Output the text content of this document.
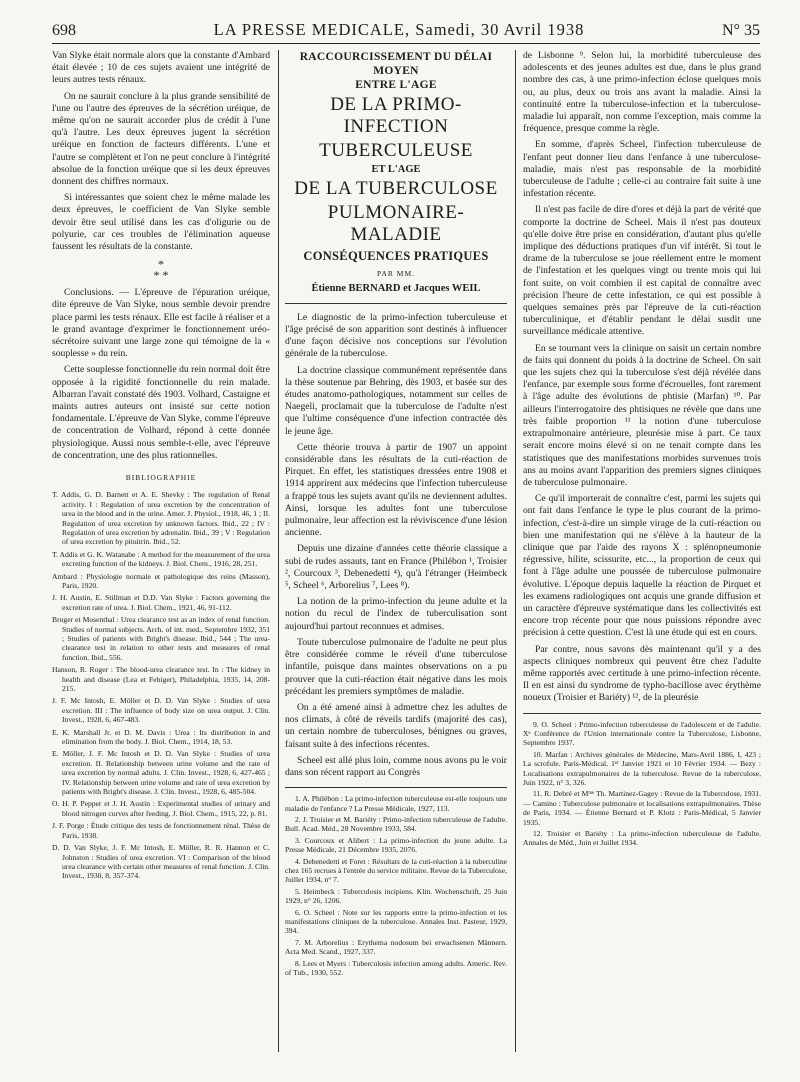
698	LA PRESSE MEDICALE, Samedi, 30 Avril 1938	N° 35

Van Slyke était normale alors que la constante d'Ambard était élevée ; 10 de ces sujets avaient une intégrité de leurs autres tests rénaux.

On ne saurait conclure à la plus grande sensibilité de l'une ou l'autre des épreuves de la sécrétion uréique, de même qu'on ne saurait accorder plus de crédit à l'une qu'à l'autre. Les deux épreuves jugent la sécrétion uréique en fonction de facteurs différents. L'une et l'autre se complètent et l'on ne peut conclure à l'intégrité absolue de la fonction uréique que si les deux épreuves donnent des chiffres normaux.

Si intéressantes que soient chez le même malade les deux épreuves, le coefficient de Van Slyke semble devoir être seul utilisé dans les cas d'oligurie ou de polyurie, car ces troubles de l'élimination aqueuse faussent les résultats de la constante.

*
* *

Conclusions. — L'épreuve de l'épuration uréique, dite épreuve de Van Slyke, nous semble devoir prendre place parmi les tests rénaux. Elle est facile à réaliser et a le grand avantage d'exprimer le fonctionnement uréo-sécrétoire suivant une large zone qui témoigne de la « souplesse » du rein.

Cette souplesse fonctionnelle du rein normal doit être opposée à la rigidité fonctionnelle du rein malade. Albarran l'avait constaté dès 1903. Volhard, Castaigne et maints autres auteurs ont insisté sur cette notion fondamentale. L'épreuve de Van Slyke, comme l'épreuve de concentration de Volhard, répond à cette donnée physiologique. Aussi nous semble-t-elle, avec l'épreuve de concentration, une des plus rationnelles.

BIBLIOGRAPHIE
T. Addis, G. D. Barnett et A. E. Shevky : The regulation of Renal activity. I : Regulation of urea excretion by the concentration of urea in the blood and in the urine. Amer. J. Physiol., 1918, 46, 1 ; II. Regulation of urea excretion by unknown factors. Ibid., 22 ; IV : Regulation of urea excretion by adrenalin. Ibid., 39 ; V : Regulation of urea excretion by pituitrin. Ibid., 52.
T. Addis et G. K. Watanabe : A method for the measurement of the urea excreting function of the kidneys. J. Biol. Chem., 1916, 28, 251.
Ambard : Physiologie normale et pathologique des reins (Masson), Paris, 1920.
J. H. Austin, E. Stillman et D.D. Van Slyke : Factors governing the excretion rate of urea. J. Biol. Chem., 1921, 46, 91-112.
Bruger et Mosenthal : Urea clearance test as an index of renal function. Studies of normal subjects. Arch. of int. med., Septembre 1932, 351 ; Studies of patients with Bright's disease. Ibid., 544 ; The urea-clearance test in relation to other tests and measures of renal function. Ibid., 556.
Hanson, R. Roger : The blood-urea clearance test. In : The kidney in health and disease (Lea et Febiger), Philadelphia, 1935, 14, 208-215.
J. F. Mc Intosh, E. Möller et D. D. Van Slyke : Studies of urea excretion. III : The influence of body size on urea output. J. Clin. Invest., 1928, 6, 467-483.
E. K. Marshall Jr. et D. M. Davis : Urea : Its distribution in and elimination from the body. J. Biol. Chem., 1914, 18, 53.
E. Möller, J. F. Mc Intosh et D. D. Van Slyke : Studies of urea excretion. II. Relationship between urine volume and the rate of urea excretion by normal adults. J. Clin. Invest., 1928, 6, 427-465 ; IV. Relationship between urine volume and rate of urea excretion by patients with Bright's disease. J. Clin. Invest., 1928, 6, 485-504.
O. H. P. Pepper et J. H. Austin : Experimental studies of urinary and blood nitrogen curves after feeding. J. Biol. Chem., 1915, 22, p. 81.
J. F. Porge : Étude critique des tests de fonctionnement rénal. Thèse de Paris, 1938.
D. D. Van Slyke, J. F. Mc Intosh, E. Möller, R. R. Hannon et C. Johnston : Studies of urea excretion. VI : Comparison of the blood urea clearance with certain other measures of renal function. J. Clin. Invest., 1930, 8, 357-374.
RACCOURCISSEMENT DU DÉLAI MOYEN
ENTRE L'AGE
DE LA PRIMO-INFECTION
TUBERCULEUSE
ET L'AGE
DE LA TUBERCULOSE
PULMONAIRE-MALADIE
CONSÉQUENCES PRATIQUES
PAR MM.
Étienne BERNARD et Jacques WEIL

Le diagnostic de la primo-infection tuberculeuse et l'âge précisé de son apparition sont destinés à influencer d'une façon décisive nos conceptions sur l'évolution générale de la tuberculose.

La doctrine classique communément représentée dans la thèse soutenue par Behring, dès 1903, et basée sur des études anatomo-pathologiques, notamment sur celles de Naegeli, proclamait que la tuberculose de l'adulte n'est que l'ultime conséquence d'une infection contractée dès le jeune âge.

Cette théorie trouva à partir de 1907 un appoint considérable dans les résultats de la cuti-réaction de Pirquet. En effet, les statistiques dressées entre 1908 et 1914 apprirent aux médecins que l'infection tuberculeuse a frappé tous les sujets avant qu'ils ne deviennent adultes. Ainsi, lorsque les adultes font une tuberculose pulmonaire, leur affection est la réviviscence d'une lésion ancienne.

Depuis une dizaine d'années cette théorie classique a subi de rudes assauts, tant en France (Philébon ¹, Troisier ², Courcoux ³, Debenedetti ⁴), qu'à l'étranger (Heimbeck ⁵, Scheel ⁶, Arborelius ⁷, Lees ⁸).

La notion de la primo-infection du jeune adulte et la notion du recul de l'index de tuberculisation sont aujourd'hui partout reconnues et admises.

Toute tuberculose pulmonaire de l'adulte ne peut plus être considérée comme le réveil d'une tuberculose infantile, puisque dans maintes observations on a pu prouver que la cuti-réaction était négative dans les mois précédant les premiers symptômes de maladie.

On a été amené ainsi à admettre chez les adultes de nos climats, à côté de réveils tardifs (majorité des cas), un certain nombre de tuberculoses, bénignes ou graves, faisant suite à des infections récentes.

Scheel est allé plus loin, comme nous avons pu le voir dans son récent rapport au Congrès

1. A. Philébon : La primo-infection tuberculeuse est-elle toujours une maladie de l'enfance ? La Presse Médicale, 1927, 113.
2. J. Troisier et M. Bariéty : Primo-infection tuberculeuse de l'adulte. Bull. Acad. Méd., 28 Novembre 1933, 584.
3. Courcoux et Alibert : La primo-infection du jeune adulte. La Presse Médicale, 21 Décembre 1935, 2076.
4. Debenedetti et Foret : Résultats de la cuti-réaction à la tuberculine chez 165 recrues à l'entrée du service militaire. Revue de la Tuberculose, Juillet 1934, n° 7.
5. Heimbeck : Tuberculosis incipiens. Klin. Wochenschrift, 25 Juin 1929, n° 26, 1206.
6. O. Scheel : Note sur les rapports entre la primo-infection et les manifestations cliniques de la tuberculose. Annales Inst. Pasteur, 1929, 394.
7. M. Arborelius : Erythema nodosum bei erwachsenen Männern. Acta Med. Scand., 1927, 337.
8. Lees et Myers : Tuberculosis infection among adults. Americ. Rev. of Tub., 1930, 552.

de Lisbonne ⁹. Selon lui, la morbidité tuberculeuse des adolescents et des jeunes adultes est due, dans le plus grand nombre des cas, à une primo-infection éclose quelques mois ou, au plus, deux ou trois ans avant la maladie. Ainsi la continuité entre la tuberculose-infection et la tuberculose-maladie lui apparaît, non comme l'exception, mais comme la fréquence, presque comme la règle.

En somme, d'après Scheel, l'infection tuberculeuse de l'enfant peut donner lieu dans l'enfance à une tuberculose-maladie, mais n'est pas responsable de la morbidité tuberculeuse de l'adulte ; celle-ci au contraire fait suite à une infestation récente.

Il n'est pas facile de dire d'ores et déjà la part de vérité que comporte la doctrine de Scheel. Mais il n'est pas douteux qu'elle doive être prise en considération, d'autant plus qu'elle implique des déductions pratiques d'un vif intérêt. Si tout le drame de la tuberculose se joue réellement entre le moment de l'infestation et les quelques vingt ou trente mois qui lui font suite, on voit combien il est capital de connaître avec précision l'heure de cette infestation, ce qui est possible à quelques semaines près par l'épreuve de la cuti-réaction tuberculinique, et d'établir pendant le délai susdit une surveillance médicale attentive.

En se tournant vers la clinique on saisit un certain nombre de faits qui donnent du poids à la doctrine de Scheel. On sait que les sujets chez qui la tuberculose s'est déjà révélée dans l'enfance, par exemple sous forme d'écrouelles, font rarement à l'âge adulte des évolutions de phtisie (Marfan) ¹⁰. Par ailleurs l'interrogatoire des phtisiques ne révèle que dans une très faible proportion ¹¹ la notion d'une tuberculose extrapulmonaire antérieure, pleurésie mise à part. Ce taux serait encore moins élevé si on ne tenait compte dans les statistiques que des manifestations morbides survenues trois ans au moins avant l'apparition des premiers signes cliniques de tuberculose pulmonaire.

Ce qu'il importerait de connaître c'est, parmi les sujets qui ont fait dans l'enfance le type le plus courant de la primo-infection, c'est-à-dire un simple virage de la cuti-réaction ou bien une manifestation qui ne s'élève à la hauteur de la clinique que par l'aide des rayons X : splénopneumonie régressive, hilite, scissurite, etc..., la proportion de ceux qui font à l'âge adulte une poussée de tuberculose pulmonaire évolutive. L'époque depuis laquelle la réaction de Pirquet et les examens radiologiques ont acquis une grande diffusion et un caractère d'épreuve systématique dans les collectivités est encore trop récente pour que nous puissions répondre avec précision à cette question. C'est là une étude qui est en cours.

Par contre, nous savons dès maintenant qu'il y a des aspects cliniques nombreux qui peuvent être chez l'adulte même rapportés avec certitude à une primo-infection récente. Il en est ainsi du syndrome de typho-bacillose avec érythème noueux (Troisier et Bariéty) ¹², de la pleurésie

9. O. Scheel : Primo-infection tuberculeuse de l'adolescent et de l'adulte. Xᵉ Conférence de l'Union internationale contre la Tuberculose, Lisbonne, Septembre 1937.
10. Marfan : Archives générales de Médecine, Mars-Avril 1886, I, 423 ; La scrofule. Paris-Médical, 1ᵉʳ Janvier 1921 et 10 Février 1934. — Bezy : Localisations extrapulmonaires de la tuberculose. Revue de la tuberculose, Juin 1922, n° 3, 326.
11. R. Debré et Mᵐᵉ Th. Martinez-Gagey : Revue de la Tuberculose, 1931. — Camino : Tuberculose pulmonaire et localisations extrapulmonaires. Thèse de Paris, 1934. — Étienne Bernard et P. Klotz : Paris-Médical, 5 Janvier 1935.
12. Troisier et Bariéty : La primo-infection tuberculeuse de l'adulte. Annales de Méd., Juin et Juillet 1934.
